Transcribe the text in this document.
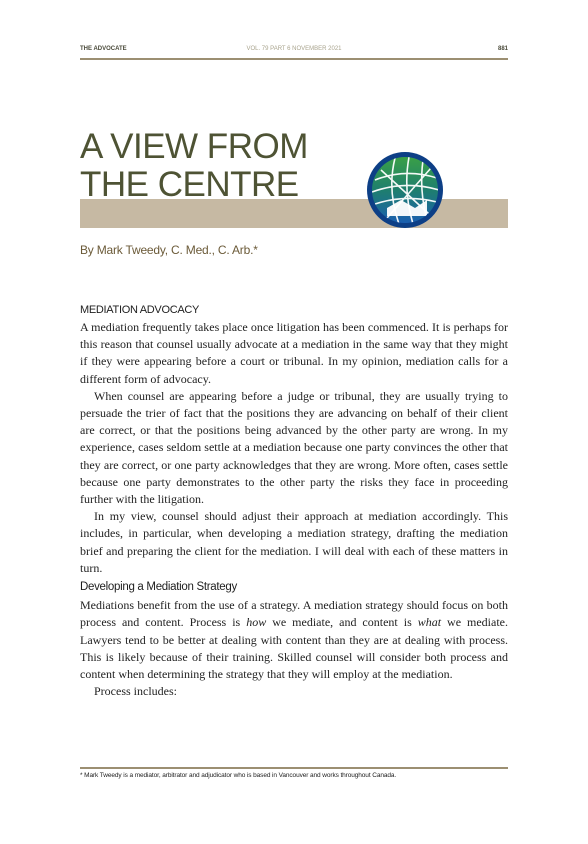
THE ADVOCATE	VOL. 79 PART 6 NOVEMBER 2021	881
A VIEW FROM
THE CENTRE
By Mark Tweedy, C. Med., C. Arb.*
MEDIATION ADVOCACY

A mediation frequently takes place once litigation has been commenced. It is perhaps for this reason that counsel usually advocate at a mediation in the same way that they might if they were appearing before a court or tribunal. In my opinion, mediation calls for a different form of advocacy.

When counsel are appearing before a judge or tribunal, they are usually trying to persuade the trier of fact that the positions they are advancing on behalf of their client are correct, or that the positions being advanced by the other party are wrong. In my experience, cases seldom settle at a mediation because one party convinces the other that they are correct, or one party acknowledges that they are wrong. More often, cases settle because one party demonstrates to the other party the risks they face in proceeding further with the litigation.

In my view, counsel should adjust their approach at mediation accordingly. This includes, in particular, when developing a mediation strategy, drafting the mediation brief and preparing the client for the mediation. I will deal with each of these matters in turn.

Developing a Mediation Strategy

Mediations benefit from the use of a strategy. A mediation strategy should focus on both process and content. Process is how we mediate, and content is what we mediate. Lawyers tend to be better at dealing with content than they are at dealing with process. This is likely because of their training. Skilled counsel will consider both process and content when determining the strategy that they will employ at the mediation.

Process includes:

* Mark Tweedy is a mediator, arbitrator and adjudicator who is based in Vancouver and works throughout Canada.
